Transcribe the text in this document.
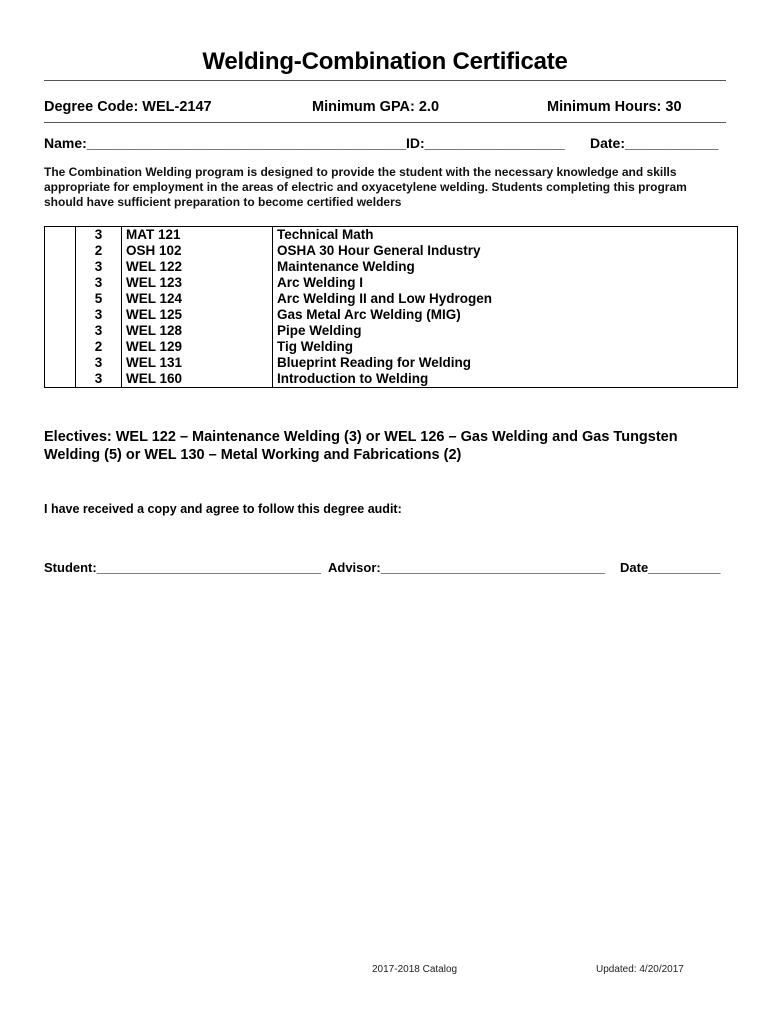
Welding-Combination Certificate
Degree Code: WEL-2147	Minimum GPA: 2.0	Minimum Hours: 30
Name:_________________________________________ ID:__________________ Date:____________
The Combination Welding program is designed to provide the student with the necessary knowledge and skills appropriate for employment in the areas of electric and oxyacetylene welding. Students completing this program should have sufficient preparation to become certified welders
	3	MAT 121	Technical Math
	2	OSH 102	OSHA 30 Hour General Industry
	3	WEL 122	Maintenance Welding
	3	WEL 123	Arc Welding I
	5	WEL 124	Arc Welding II and Low Hydrogen
	3	WEL 125	Gas Metal Arc Welding (MIG)
	3	WEL 128	Pipe Welding
	2	WEL 129	Tig Welding
	3	WEL 131	Blueprint Reading for Welding
	3	WEL 160	Introduction to Welding
Electives: WEL 122 – Maintenance Welding (3) or WEL 126 – Gas Welding and Gas Tungsten Welding (5) or WEL 130 – Metal Working and Fabrications (2)
I have received a copy and agree to follow this degree audit:
Student:_______________________________ Advisor:_______________________________ Date__________
2017-2018 Catalog	Updated: 4/20/2017
